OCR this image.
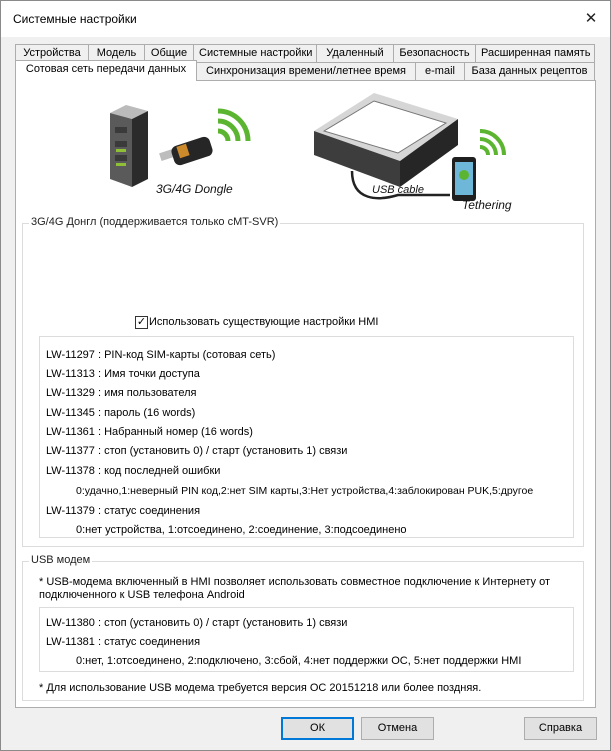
Системные настройки	✕
Устройства	Модель	Общие	Системные настройки	Удаленный	Безопасность	Расширенная память
Сотовая сеть передачи данных	Синхронизация времени/летнее время	e-mail	База данных рецептов
3G/4G Dongle	USB cable
Tethering
3G/4G Донгл (поддерживается только cMT-SVR)
✓ Использовать существующие настройки HMI
LW-11297 : PIN-код SIM-карты (сотовая сеть)
LW-11313 : Имя точки доступа
LW-11329 : имя пользователя
LW-11345 : пароль (16 words)
LW-11361 : Набранный номер (16 words)
LW-11377 : стоп (установить 0) / старт (установить 1) связи
LW-11378 : код последней ошибки
0:удачно,1:неверный PIN код,2:нет SIM карты,3:Нет устройства,4:заблокирован PUK,5:другое
LW-11379 : статус соединения
0:нет устройства, 1:отсоединено, 2:соединение, 3:подсоединено
USB модем
* USB-модема включенный в HMI позволяет использовать совместное подключение к Интернету от
подключенного к USB телефона Android
LW-11380 : стоп (установить 0) / старт (установить 1) связи
LW-11381 : статус соединения
0:нет, 1:отсоединено, 2:подключено, 3:сбой, 4:нет поддержки ОС, 5:нет поддержки HMI
* Для использование USB модема требуется версия ОС 20151218 или более поздняя.
ОК	Отмена	Справка
